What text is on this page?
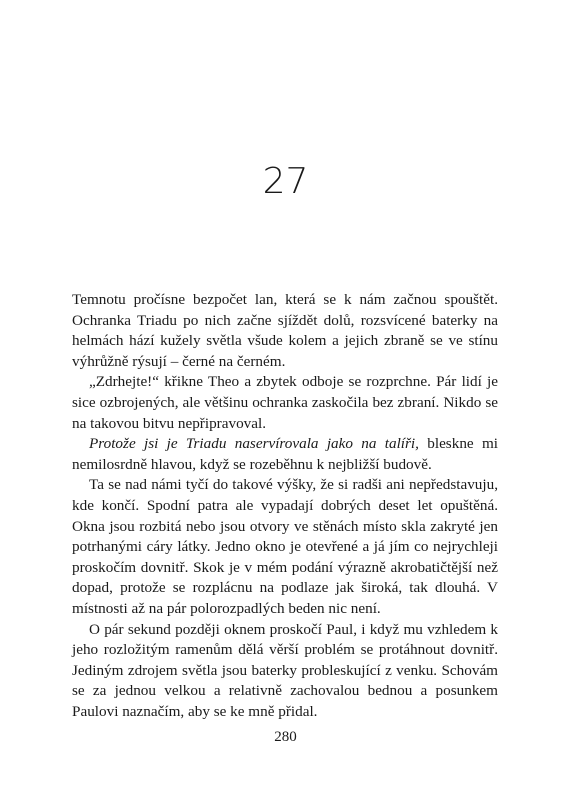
27

Temnotu pročísne bezpočet lan, která se k nám začnou spouštět. Ochranka Triadu po nich začne sjíždět dolů, rozsvícené baterky na helmách hází kužely světla všude kolem a jejich zbraně se ve stínu výhrůžně rýsují – černé na černém.

„Zdrhejte!“ křikne Theo a zbytek odboje se rozprchne. Pár lidí je sice ozbrojených, ale většinu ochranka zaskočila bez zbraní. Nikdo se na takovou bitvu nepřipravoval.

Protože jsi je Triadu naservírovala jako na talíři, bleskne mi nemilosrdně hlavou, když se rozeběhnu k nejbližší budově.

Ta se nad námi tyčí do takové výšky, že si radši ani nepředstavuju, kde končí. Spodní patra ale vypadají dobrých deset let opuštěná. Okna jsou rozbitá nebo jsou otvory ve stěnách místo skla zakryté jen potrhanými cáry látky. Jedno okno je otevřené a já jím co nejrychleji proskočím dovnitř. Skok je v mém podání výrazně akrobatičtější než dopad, protože se rozplácnu na podlaze jak široká, tak dlouhá. V místnosti až na pár polorozpadlých beden nic není.

O pár sekund později oknem proskočí Paul, i když mu vzhledem k jeho rozložitým ramenům dělá věrší problém se protáhnout dovnitř. Jediným zdrojem světla jsou baterky probleskující z venku. Schovám se za jednou velkou a relativně zachovalou bednou a posunkem Paulovi naznačím, aby se ke mně přidal.

280
